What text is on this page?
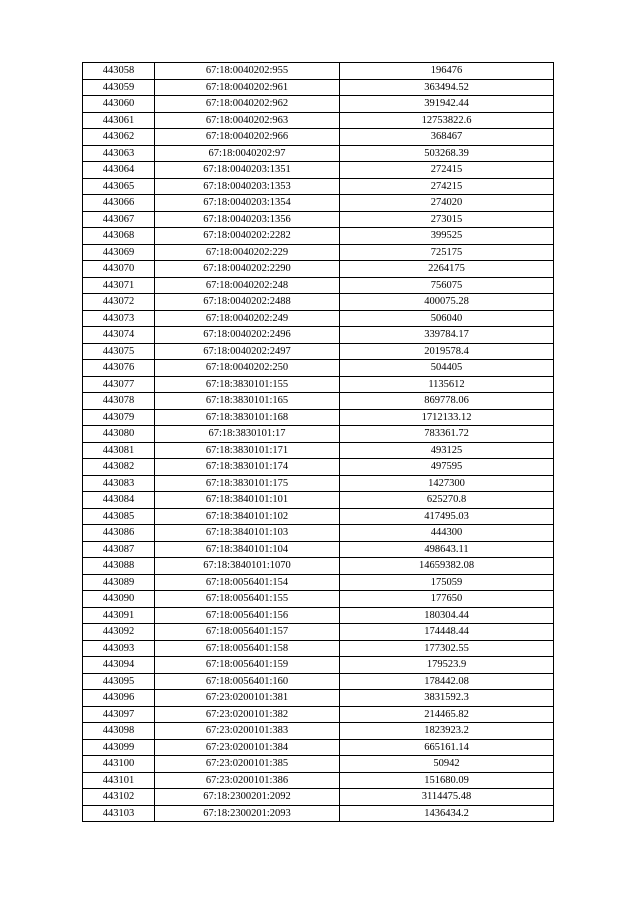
443058	67:18:0040202:955	196476
443059	67:18:0040202:961	363494.52
443060	67:18:0040202:962	391942.44
443061	67:18:0040202:963	12753822.6
443062	67:18:0040202:966	368467
443063	67:18:0040202:97	503268.39
443064	67:18:0040203:1351	272415
443065	67:18:0040203:1353	274215
443066	67:18:0040203:1354	274020
443067	67:18:0040203:1356	273015
443068	67:18:0040202:2282	399525
443069	67:18:0040202:229	725175
443070	67:18:0040202:2290	2264175
443071	67:18:0040202:248	756075
443072	67:18:0040202:2488	400075.28
443073	67:18:0040202:249	506040
443074	67:18:0040202:2496	339784.17
443075	67:18:0040202:2497	2019578.4
443076	67:18:0040202:250	504405
443077	67:18:3830101:155	1135612
443078	67:18:3830101:165	869778.06
443079	67:18:3830101:168	1712133.12
443080	67:18:3830101:17	783361.72
443081	67:18:3830101:171	493125
443082	67:18:3830101:174	497595
443083	67:18:3830101:175	1427300
443084	67:18:3840101:101	625270.8
443085	67:18:3840101:102	417495.03
443086	67:18:3840101:103	444300
443087	67:18:3840101:104	498643.11
443088	67:18:3840101:1070	14659382.08
443089	67:18:0056401:154	175059
443090	67:18:0056401:155	177650
443091	67:18:0056401:156	180304.44
443092	67:18:0056401:157	174448.44
443093	67:18:0056401:158	177302.55
443094	67:18:0056401:159	179523.9
443095	67:18:0056401:160	178442.08
443096	67:23:0200101:381	3831592.3
443097	67:23:0200101:382	214465.82
443098	67:23:0200101:383	1823923.2
443099	67:23:0200101:384	665161.14
443100	67:23:0200101:385	50942
443101	67:23:0200101:386	151680.09
443102	67:18:2300201:2092	3114475.48
443103	67:18:2300201:2093	1436434.2
